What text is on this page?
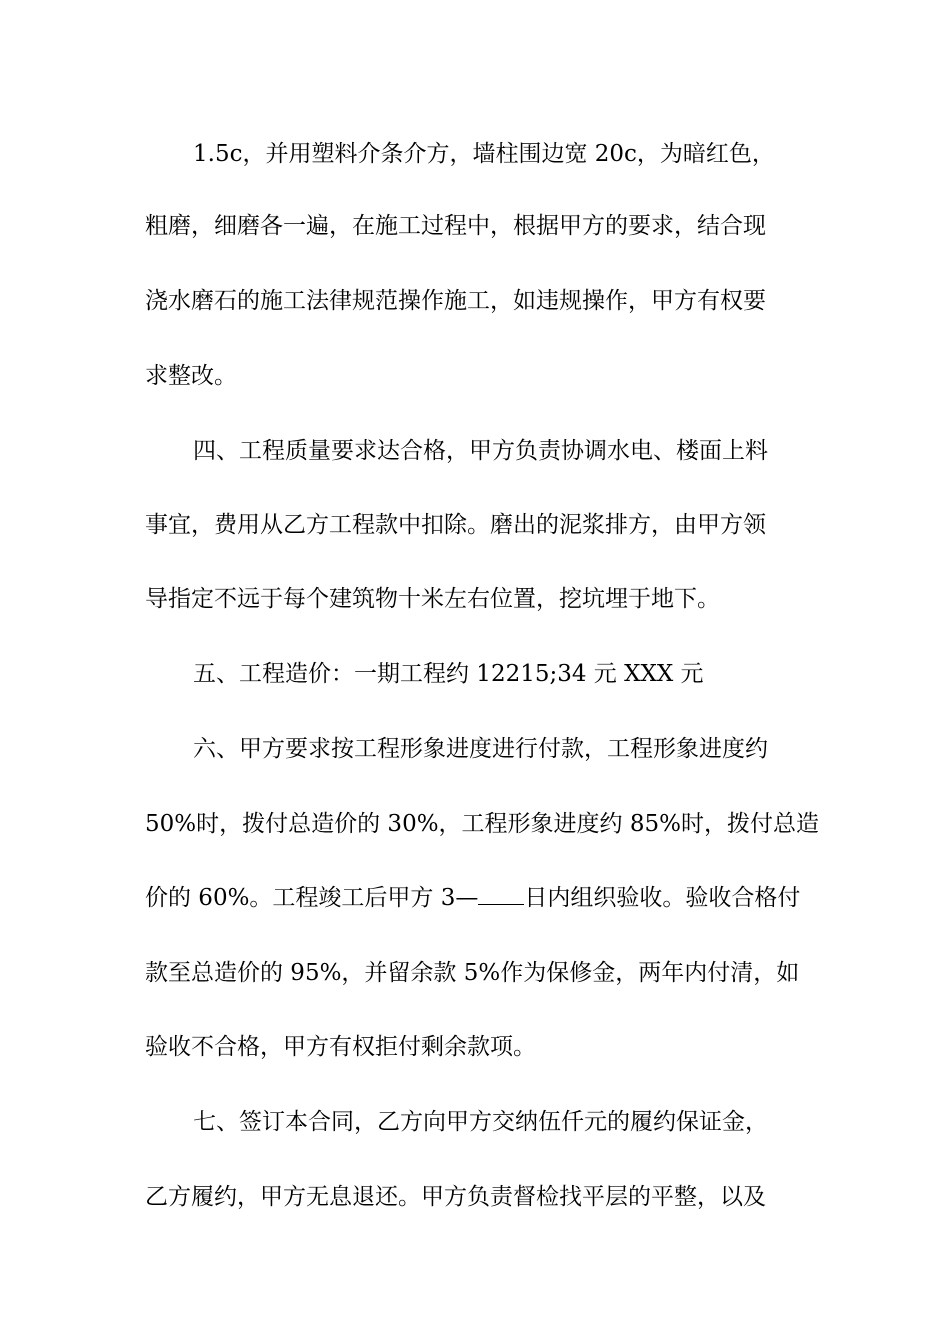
1.5c，并用塑料介条介方，墙柱围边宽 20c，为暗红色，
粗磨，细磨各一遍，在施工过程中，根据甲方的要求，结合现
浇水磨石的施工法律规范操作施工，如违规操作，甲方有权要
求整改。
四、工程质量要求达合格，甲方负责协调水电、楼面上料
事宜，费用从乙方工程款中扣除。磨出的泥浆排方，由甲方领
导指定不远于每个建筑物十米左右位置，挖坑埋于地下。
五、工程造价：一期工程约 12215;34 元 XXX 元
六、甲方要求按工程形象进度进行付款，工程形象进度约
50%时，拨付总造价的 30%，工程形象进度约 85%时，拨付总造
价的 60%。工程竣工后甲方 3— 日内组织验收。验收合格付
款至总造价的 95%，并留余款 5%作为保修金，两年内付清，如
验收不合格，甲方有权拒付剩余款项。
七、签订本合同，乙方向甲方交纳伍仟元的履约保证金，
乙方履约，甲方无息退还。甲方负责督检找平层的平整，以及
